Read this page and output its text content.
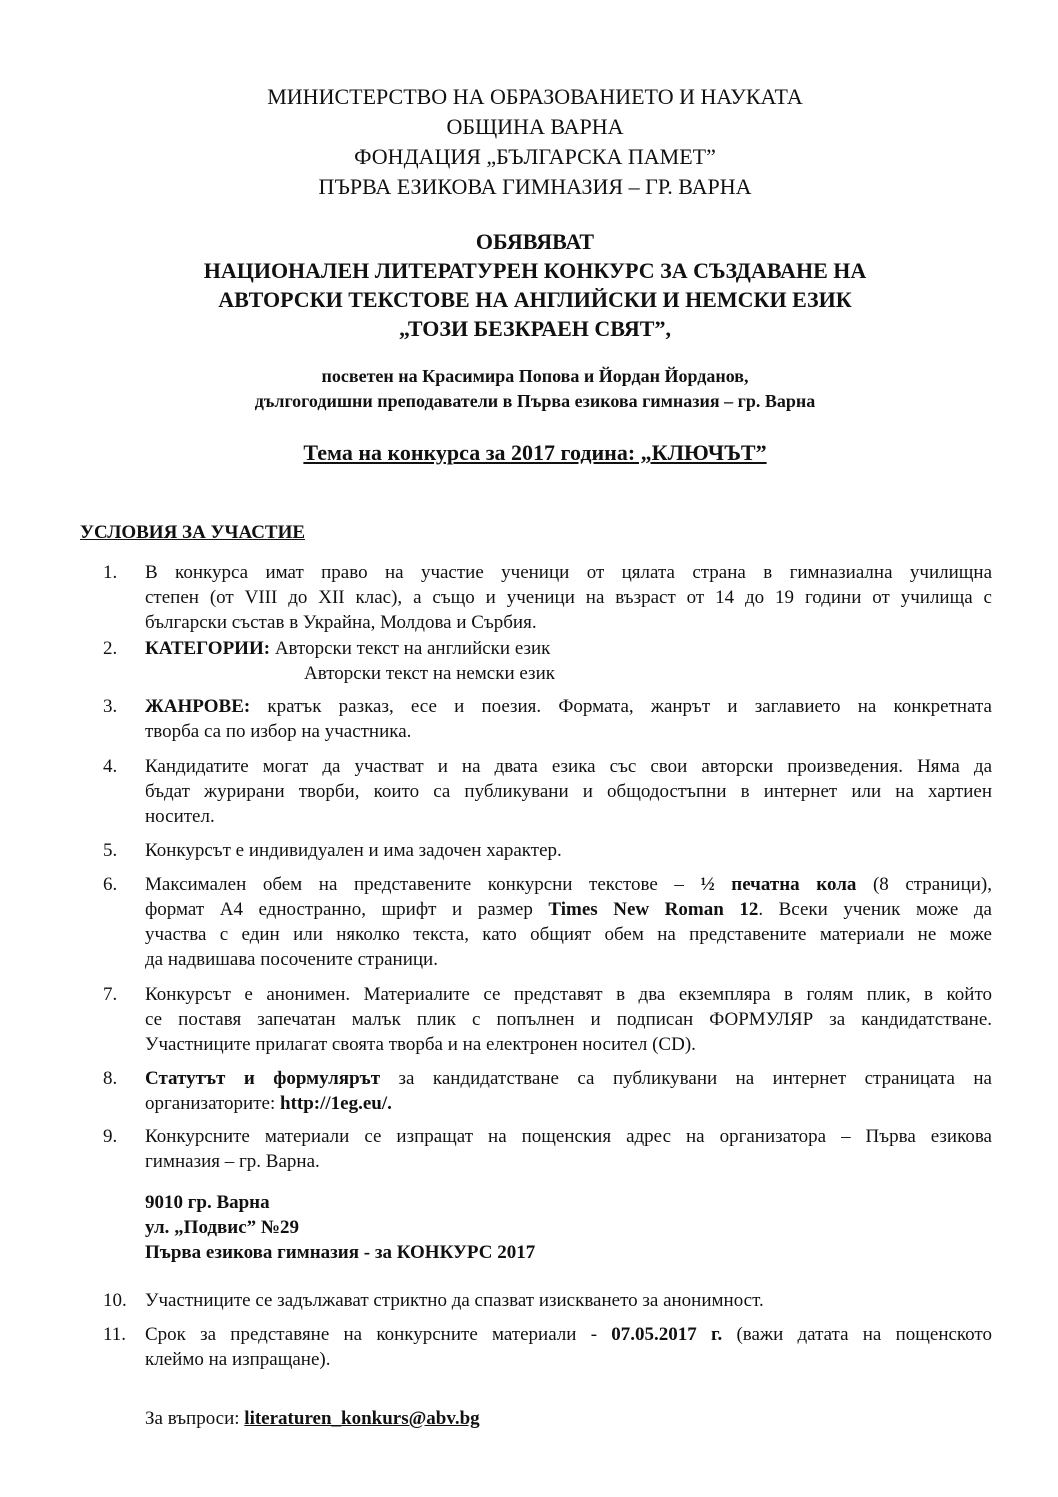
МИНИСТЕРСТВО НА ОБРАЗОВАНИЕТО И НАУКАТА
ОБЩИНА ВАРНА
ФОНДАЦИЯ „БЪЛГАРСКА ПАМЕТ”
ПЪРВА ЕЗИКОВА ГИМНАЗИЯ – ГР. ВАРНА
ОБЯВЯВАТ
НАЦИОНАЛЕН ЛИТЕРАТУРЕН КОНКУРС ЗА СЪЗДАВАНЕ НА
АВТОРСКИ ТЕКСТОВЕ НА АНГЛИЙСКИ И НЕМСКИ ЕЗИК
„ТОЗИ БЕЗКРАЕН СВЯТ”,
посветен на Красимира Попова и Йордан Йорданов,
дългогодишни преподаватели в Първа езикова гимназия – гр. Варна
Тема на конкурса за 2017 година: „КЛЮЧЪТ”
УСЛОВИЯ ЗА УЧАСТИЕ
1.	В конкурса имат право на участие ученици от цялата страна в гимназиална училищна
степен (от VIII до XII клас), а също и ученици на възраст от 14 до 19 години от училища с
български състав в Украйна, Молдова и Сърбия.
2.	КАТЕГОРИИ: Авторски текст на английски език
Авторски текст на немски език
3.	ЖАНРОВЕ: кратък разказ, есе и поезия. Формата, жанрът и заглавието на конкретната
творба са по избор на участника.
4.	Кандидатите могат да участват и на двата езика със свои авторски произведения. Няма да
бъдат журирани творби, които са публикувани и общодостъпни в интернет или на хартиен
носител.
5.	Конкурсът е индивидуален и има задочен характер.
6.	Максимален обем на представените конкурсни текстове – ½ печатна кола (8 страници),
формат А4 едностранно, шрифт и размер Times New Roman 12. Всеки ученик може да
участва с един или няколко текста, като общият обем на представените материали не може
да надвишава посочените страници.
7.	Конкурсът е анонимен. Материалите се представят в два екземпляра в голям плик, в който
се поставя запечатан малък плик с попълнен и подписан ФОРМУЛЯР за кандидатстване.
Участниците прилагат своята творба и на електронен носител (CD).
8.	Статутът и формулярът за кандидатстване са публикувани на интернет страницата на
организаторите: http://1eg.eu/.
9.	Конкурсните материали се изпращат на пощенския адрес на организатора – Първа езикова
гимназия – гр. Варна.
9010 гр. Варна
ул. „Подвис” №29
Първа езикова гимназия - за КОНКУРС 2017
10. Участниците се задължават стриктно да спазват изискването за анонимност.
11. Срок за представяне на конкурсните материали - 07.05.2017 г. (важи датата на пощенското
клеймо на изпращане).
За въпроси: literaturen_konkurs@abv.bg
